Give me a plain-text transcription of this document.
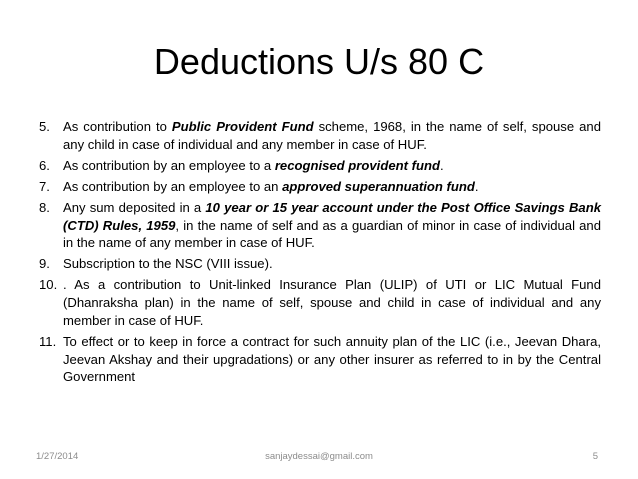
Deductions U/s 80 C
5. As contribution to Public Provident Fund scheme, 1968, in the name of self, spouse and any child in case of individual and any member in case of HUF.
6. As contribution by an employee to a recognised provident fund.
7. As contribution by an employee to an approved superannuation fund.
8. Any sum deposited in a 10 year or 15 year account under the Post Office Savings Bank (CTD) Rules, 1959, in the name of self and as a guardian of minor in case of individual and in the name of any member in case of HUF.
9. Subscription to the NSC (VIII issue).
10. . As a contribution to Unit-linked Insurance Plan (ULIP) of UTI or LIC Mutual Fund (Dhanraksha plan) in the name of self, spouse and child in case of individual and any member in case of HUF.
11. To effect or to keep in force a contract for such annuity plan of the LIC (i.e., Jeevan Dhara, Jeevan Akshay and their upgradations) or any other insurer as referred to in by the Central Government
1/27/2014	sanjaydessai@gmail.com	5
